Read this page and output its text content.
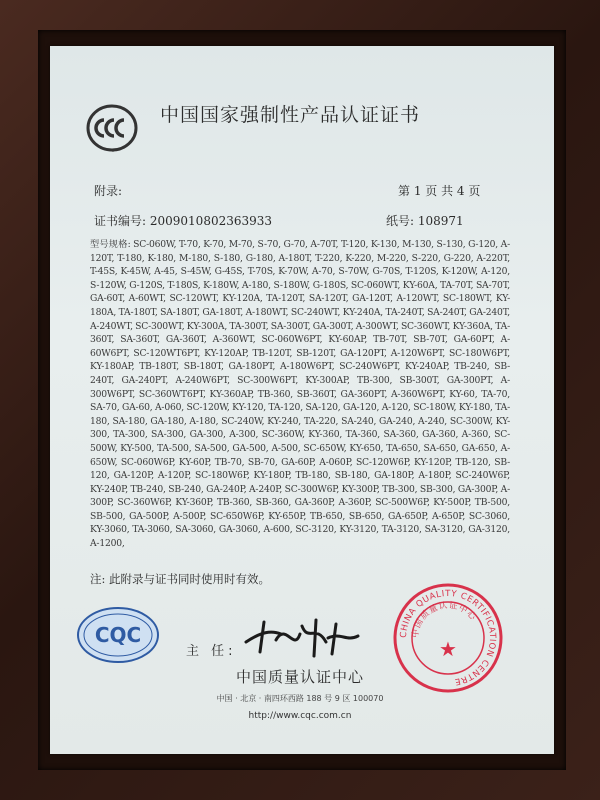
CCC
中国国家强制性产品认证证书
附录:	第 1 页 共 4 页
证书编号: 2009010802363933	纸号: 108971
型号规格: SC-060W, T-70, K-70, M-70, S-70, G-70, A-70T, T-120, K-130, M-130, S-130, G-120, A-120T, T-180, K-180, M-180, S-180, G-180, A-180T, T-220, K-220, M-220, S-220, G-220, A-220T, T-45S, K-45W, A-45, S-45W, G-45S, T-70S, K-70W, A-70, S-70W, G-70S, T-120S, K-120W, A-120, S-120W, G-120S, T-180S, K-180W, A-180, S-180W, G-180S, SC-060WT, KY-60A, TA-70T, SA-70T, GA-60T, A-60WT, SC-120WT, KY-120A, TA-120T, SA-120T, GA-120T, A-120WT, SC-180WT, KY-180A, TA-180T, SA-180T, GA-180T, A-180WT, SC-240WT, KY-240A, TA-240T, SA-240T, GA-240T, A-240WT, SC-300WT, KY-300A, TA-300T, SA-300T, GA-300T, A-300WT, SC-360WT, KY-360A, TA-360T, SA-360T, GA-360T, A-360WT, SC-060W6PT, KY-60AP, TB-70T, SB-70T, GA-60PT, A-60W6PT, SC-120WT6PT, KY-120AP, TB-120T, SB-120T, GA-120PT, A-120W6PT, SC-180W6PT, KY-180AP, TB-180T, SB-180T, GA-180PT, A-180W6PT, SC-240W6PT, KY-240AP, TB-240, SB-240T, GA-240PT, A-240W6PT, SC-300W6PT, KY-300AP, TB-300, SB-300T, GA-300PT, A-300W6PT, SC-360WT6PT, KY-360AP, TB-360, SB-360T, GA-360PT, A-360W6PT, KY-60, TA-70, SA-70, GA-60, A-060, SC-120W, KY-120, TA-120, SA-120, GA-120, A-120, SC-180W, KY-180, TA-180, SA-180, GA-180, A-180, SC-240W, KY-240, TA-220, SA-240, GA-240, A-240, SC-300W, KY-300, TA-300, SA-300, GA-300, A-300, SC-360W, KY-360, TA-360, SA-360, GA-360, A-360, SC-500W, KY-500, TA-500, SA-500, GA-500, A-500, SC-650W, KY-650, TA-650, SA-650, GA-650, A-650W, SC-060W6P, KY-60P, TB-70, SB-70, GA-60P, A-060P, SC-120W6P, KY-120P, TB-120, SB-120, GA-120P, A-120P, SC-180W6P, KY-180P, TB-180, SB-180, GA-180P, A-180P, SC-240W6P, KY-240P, TB-240, SB-240, GA-240P, A-240P, SC-300W6P, KY-300P, TB-300, SB-300, GA-300P, A-300P, SC-360W6P, KY-360P, TB-360, SB-360, GA-360P, A-360P, SC-500W6P, KY-500P, TB-500, SB-500, GA-500P, A-500P, SC-650W6P, KY-650P, TB-650, SB-650, GA-650P, A-650P, SC-3060, KY-3060, TA-3060, SA-3060, GA-3060, A-600, SC-3120, KY-3120, TA-3120, SA-3120, GA-3120, A-1200,
注: 此附录与证书同时使用时有效。
CQC
主 任:
中国质量认证中心
中国 · 北京 · 南四环西路 188 号 9 区 100070
http://www.cqc.com.cn
CHINA QUALITY CERTIFICATION CENTRE
中国质量认证中心
★
